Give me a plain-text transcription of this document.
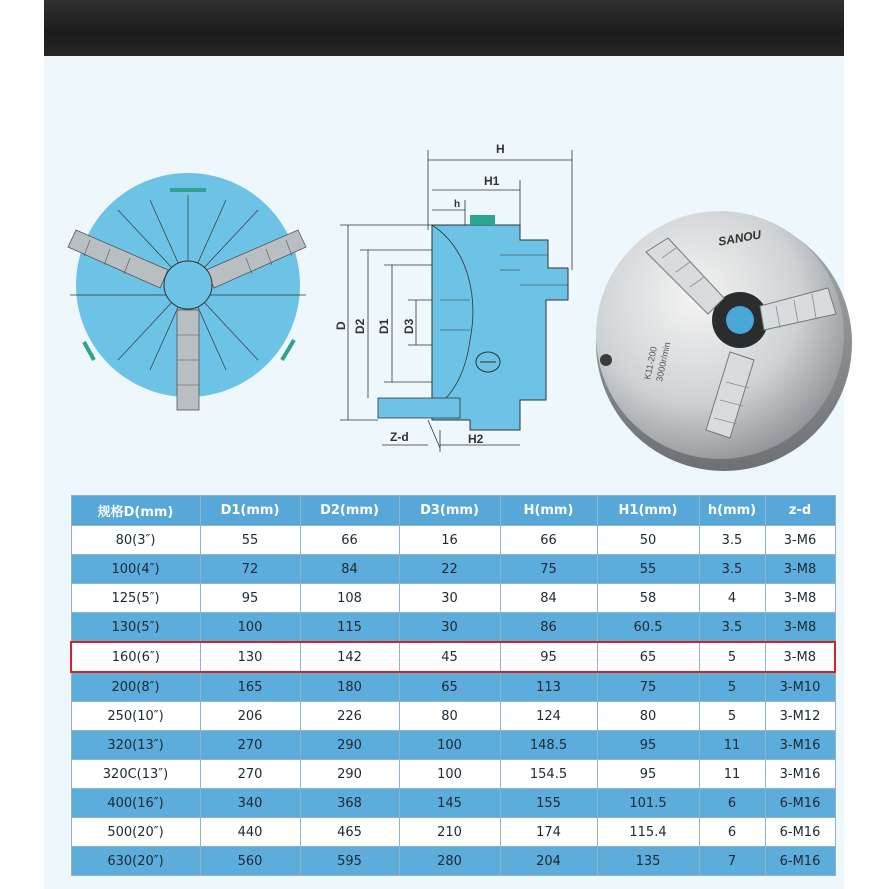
H
H1
h
D D2 D1 D3
Z-d	H2
SANOU
K11-200
3000r/min
规格D(mm)	D1(mm)	D2(mm)	D3(mm)	H(mm)	H1(mm)	h(mm)	z-d
80(3″)	55	66	16	66	50	3.5	3-M6
100(4″)	72	84	22	75	55	3.5	3-M8
125(5″)	95	108	30	84	58	4	3-M8
130(5″)	100	115	30	86	60.5	3.5	3-M8
160(6″)	130	142	45	95	65	5	3-M8
200(8″)	165	180	65	113	75	5	3-M10
250(10″)	206	226	80	124	80	5	3-M12
320(13″)	270	290	100	148.5	95	11	3-M16
320C(13″)	270	290	100	154.5	95	11	3-M16
400(16″)	340	368	145	155	101.5	6	6-M16
500(20″)	440	465	210	174	115.4	6	6-M16
630(20″)	560	595	280	204	135	7	6-M16
